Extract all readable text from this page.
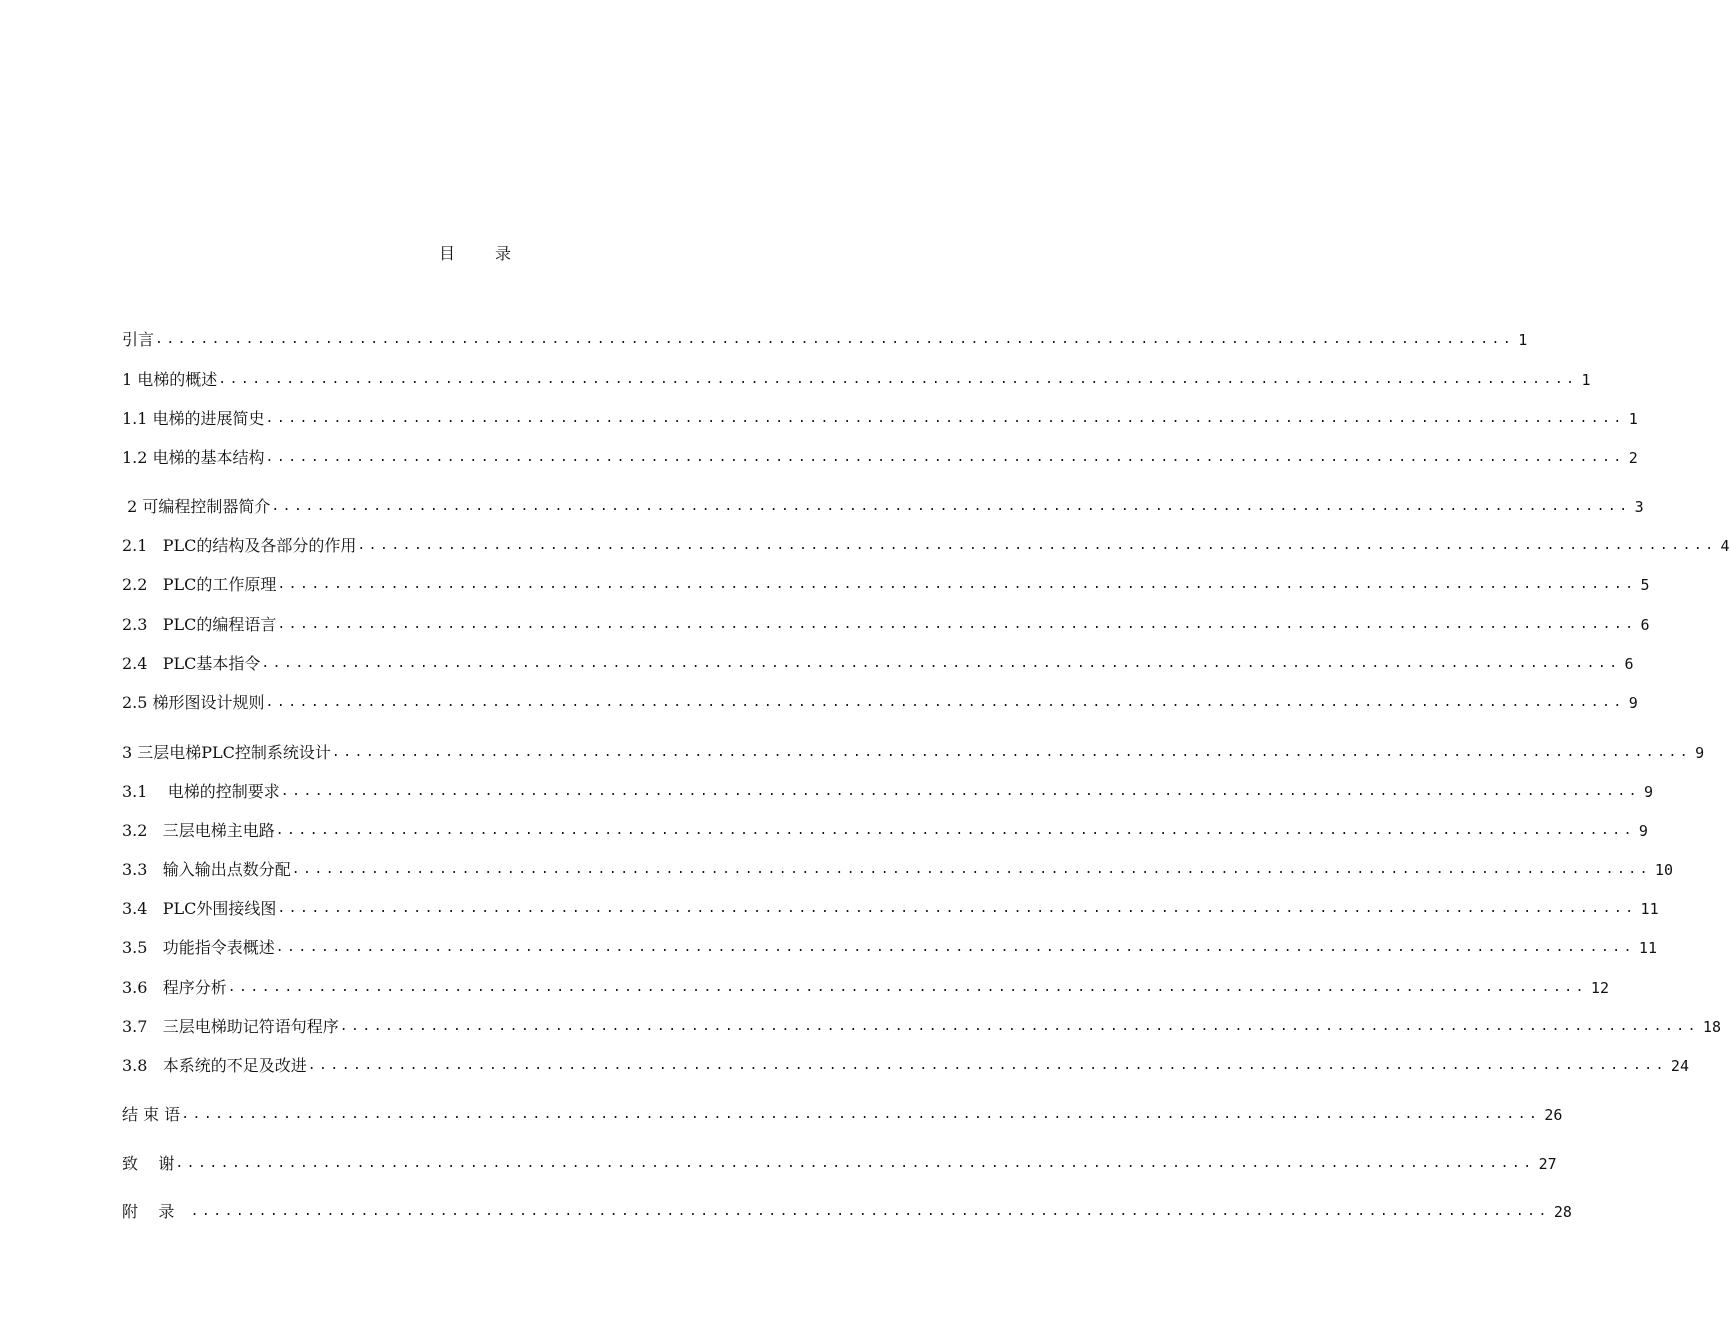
目	录
引言 ........................................................................................................................ 1
1 电梯的概述 ........................................................................................................................ 1
1.1 电梯的进展简史 ........................................................................................................................ 1
1.2 电梯的基本结构 ........................................................................................................................ 2
2 可编程控制器简介 ........................................................................................................................ 3
2.1   PLC的结构及各部分的作用 ........................................................................................................................ 4
2.2   PLC的工作原理 ........................................................................................................................ 5
2.3   PLC的编程语言 ........................................................................................................................ 6
2.4   PLC基本指令 ........................................................................................................................ 6
2.5 梯形图设计规则 ........................................................................................................................ 9
3 三层电梯PLC控制系统设计 ........................................................................................................................ 9
3.1    电梯的控制要求 ........................................................................................................................ 9
3.2   三层电梯主电路 ........................................................................................................................ 9
3.3   输入输出点数分配 ........................................................................................................................ 10
3.4   PLC外围接线图 ........................................................................................................................ 11
3.5   功能指令表概述 ........................................................................................................................ 11
3.6   程序分析 ........................................................................................................................ 12
3.7   三层电梯助记符语句程序 ........................................................................................................................ 18
3.8   本系统的不足及改进 ........................................................................................................................ 24
结 束 语 ........................................................................................................................ 26
致    谢 ........................................................................................................................ 27
附    录 ........................................................................................................................ 28
